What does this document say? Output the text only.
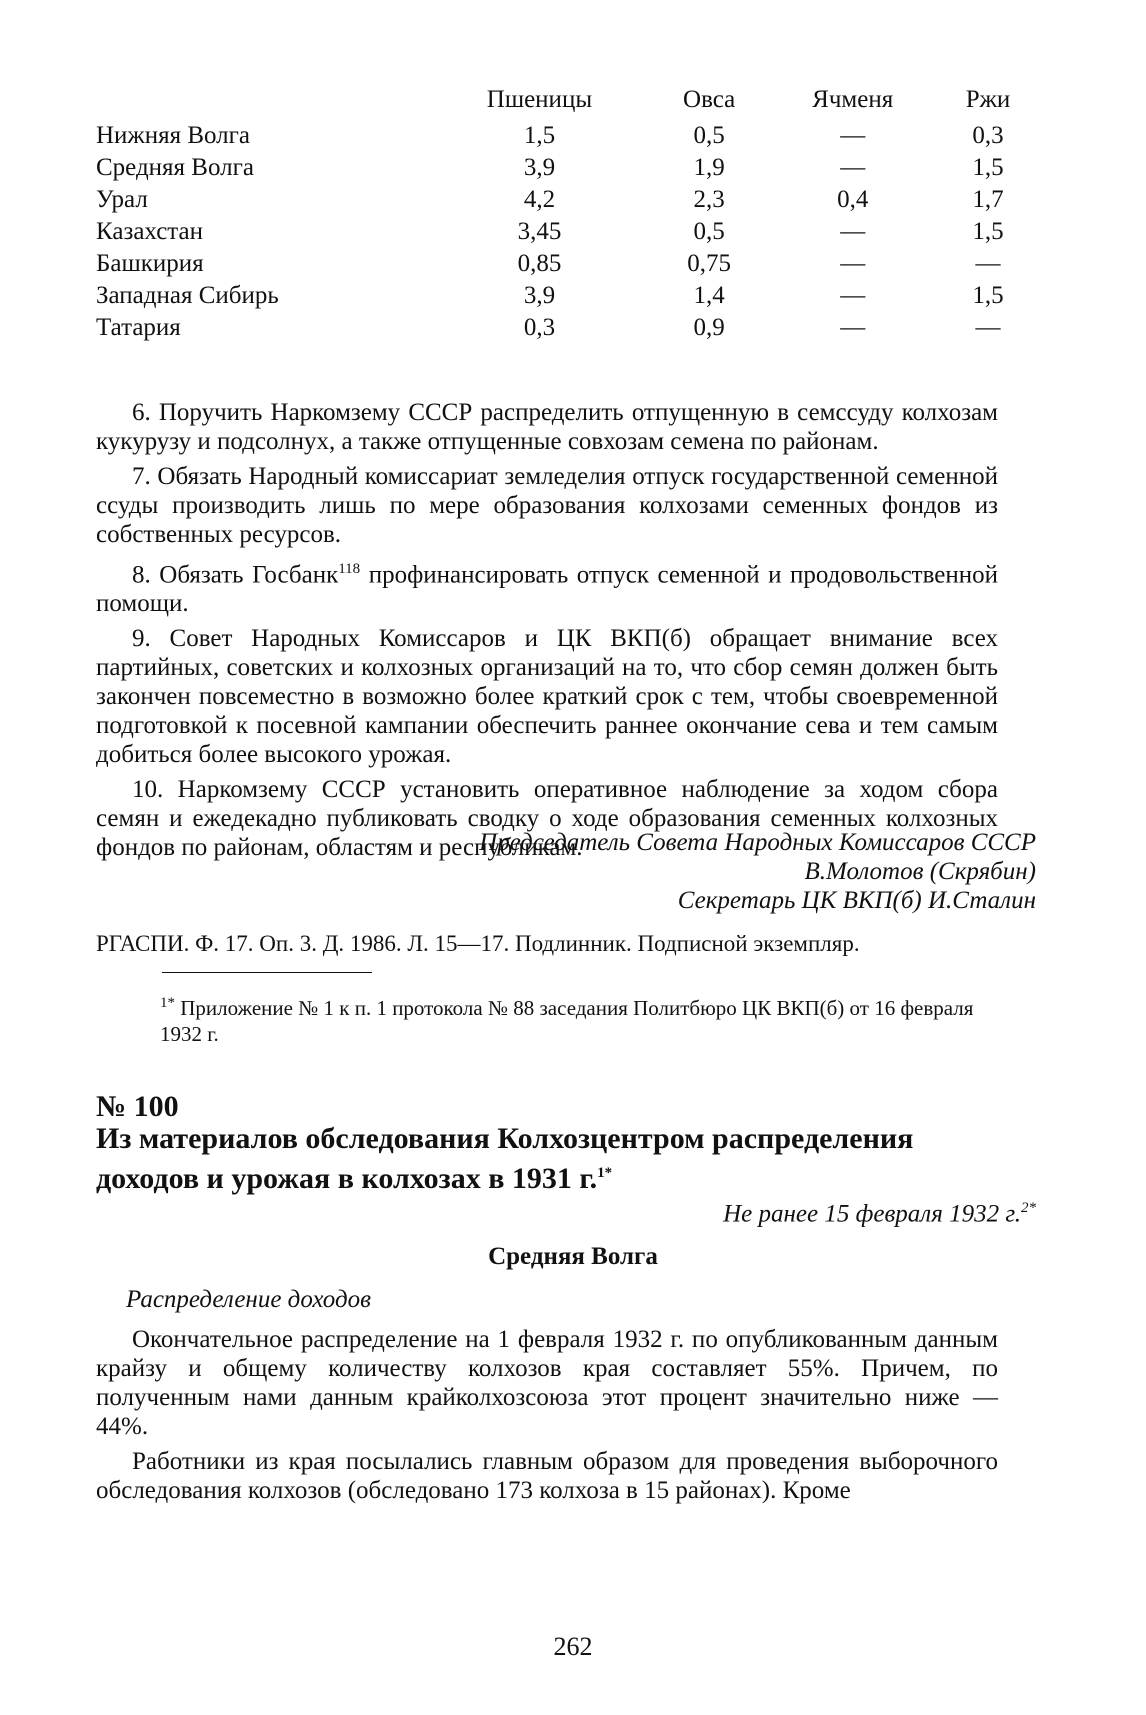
	Пшеницы	Овса	Ячменя	Ржи
Нижняя Волга	1,5	0,5	—	0,3
Средняя Волга	3,9	1,9	—	1,5
Урал	4,2	2,3	0,4	1,7
Казахстан	3,45	0,5	—	1,5
Башкирия	0,85	0,75	—	—
Западная Сибирь	3,9	1,4	—	1,5
Татария	0,3	0,9	—	—

6. Поручить Наркомзему СССР распределить отпущенную в семссуду колхозам кукурузу и подсолнух, а также отпущенные совхозам семена по районам.

7. Обязать Народный комиссариат земледелия отпуск государственной семенной ссуды производить лишь по мере образования колхозами семенных фондов из собственных ресурсов.

8. Обязать Госбанк$^{118}$ профинансировать отпуск семенной и продовольственной помощи.

9. Совет Народных Комиссаров и ЦК ВКП(б) обращает внимание всех партийных, советских и колхозных организаций на то, что сбор семян должен быть закончен повсеместно в возможно более краткий срок с тем, чтобы своевременной подготовкой к посевной кампании обеспечить раннее окончание сева и тем самым добиться более высокого урожая.

10. Наркомзему СССР установить оперативное наблюдение за ходом сбора семян и ежедекадно публиковать сводку о ходе образования семенных колхозных фондов по районам, областям и республикам.

Председатель Совета Народных Комиссаров СССР
В.Молотов (Скрябин)
Секретарь ЦК ВКП(б) И.Сталин
РГАСПИ. Ф. 17. Оп. 3. Д. 1986. Л. 15—17. Подлинник. Подписной экземпляр.
$^{1*}$ Приложение № 1 к п. 1 протокола № 88 заседания Политбюро ЦК ВКП(б) от 16 февраля 1932 г.
№ 100
Из материалов обследования Колхозцентром распределения доходов и урожая в колхозах в 1931 г.$^{1*}$
Не ранее 15 февраля 1932 г.$^{2*}$
Средняя Волга
Распределение доходов

Окончательное распределение на 1 февраля 1932 г. по опубликованным данным крайзу и общему количеству колхозов края составляет 55%. Причем, по полученным нами данным крайколхозсоюза этот процент значительно ниже — 44%.

Работники из края посылались главным образом для проведения выборочного обследования колхозов (обследовано 173 колхоза в 15 районах). Кроме

262
